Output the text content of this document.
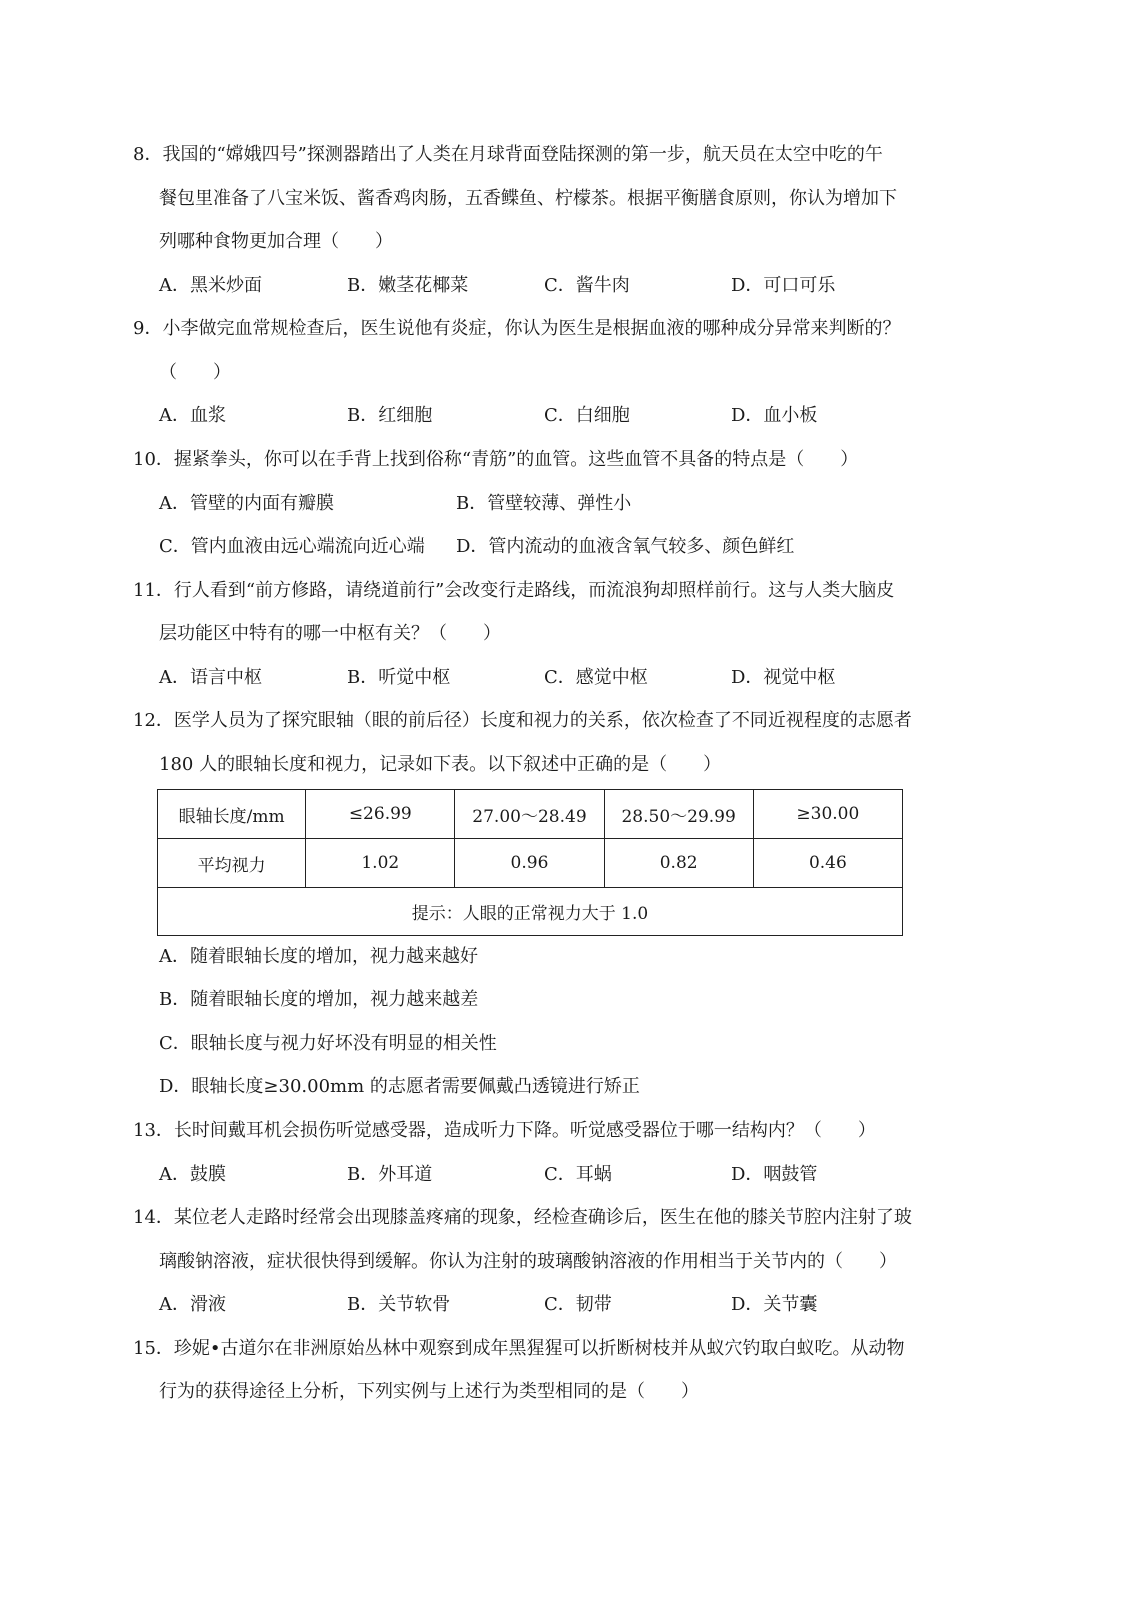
8．我国的“嫦娥四号”探测器踏出了人类在月球背面登陆探测的第一步，航天员在太空中吃的午
餐包里准备了八宝米饭、酱香鸡肉肠，五香鲽鱼、柠檬茶。根据平衡膳食原则，你认为增加下
列哪种食物更加合理（　　）
A．黑米炒面	B．嫩茎花椰菜	C．酱牛肉	D．可口可乐
9．小李做完血常规检查后，医生说他有炎症，你认为医生是根据血液的哪种成分异常来判断的？
（　　）
A．血浆	B．红细胞	C．白细胞	D．血小板
10．握紧拳头，你可以在手背上找到俗称“青筋”的血管。这些血管不具备的特点是（　　）
A．管壁的内面有瓣膜	B．管壁较薄、弹性小
C．管内血液由远心端流向近心端 D．管内流动的血液含氧气较多、颜色鲜红
11．行人看到“前方修路，请绕道前行”会改变行走路线，而流浪狗却照样前行。这与人类大脑皮
层功能区中特有的哪一中枢有关？（　　）
A．语言中枢	B．听觉中枢	C．感觉中枢	D．视觉中枢
12．医学人员为了探究眼轴（眼的前后径）长度和视力的关系，依次检查了不同近视程度的志愿者
180 人的眼轴长度和视力，记录如下表。以下叙述中正确的是（　　）
眼轴长度/mm	≤26.99	27.00～28.49	28.50～29.99	≥30.00
平均视力	1.02	0.96	0.82	0.46
提示：人眼的正常视力大于 1.0				
A．随着眼轴长度的增加，视力越来越好
B．随着眼轴长度的增加，视力越来越差
C．眼轴长度与视力好坏没有明显的相关性
D．眼轴长度≥30.00mm 的志愿者需要佩戴凸透镜进行矫正
13．长时间戴耳机会损伤听觉感受器，造成听力下降。听觉感受器位于哪一结构内？（　　）
A．鼓膜	B．外耳道	C．耳蜗	D．咽鼓管
14．某位老人走路时经常会出现膝盖疼痛的现象，经检查确诊后，医生在他的膝关节腔内注射了玻
璃酸钠溶液，症状很快得到缓解。你认为注射的玻璃酸钠溶液的作用相当于关节内的（　　）
A．滑液	B．关节软骨	C．韧带	D．关节囊
15．珍妮•古道尔在非洲原始丛林中观察到成年黑猩猩可以折断树枝并从蚁穴钓取白蚁吃。从动物
行为的获得途径上分析，下列实例与上述行为类型相同的是（　　）
